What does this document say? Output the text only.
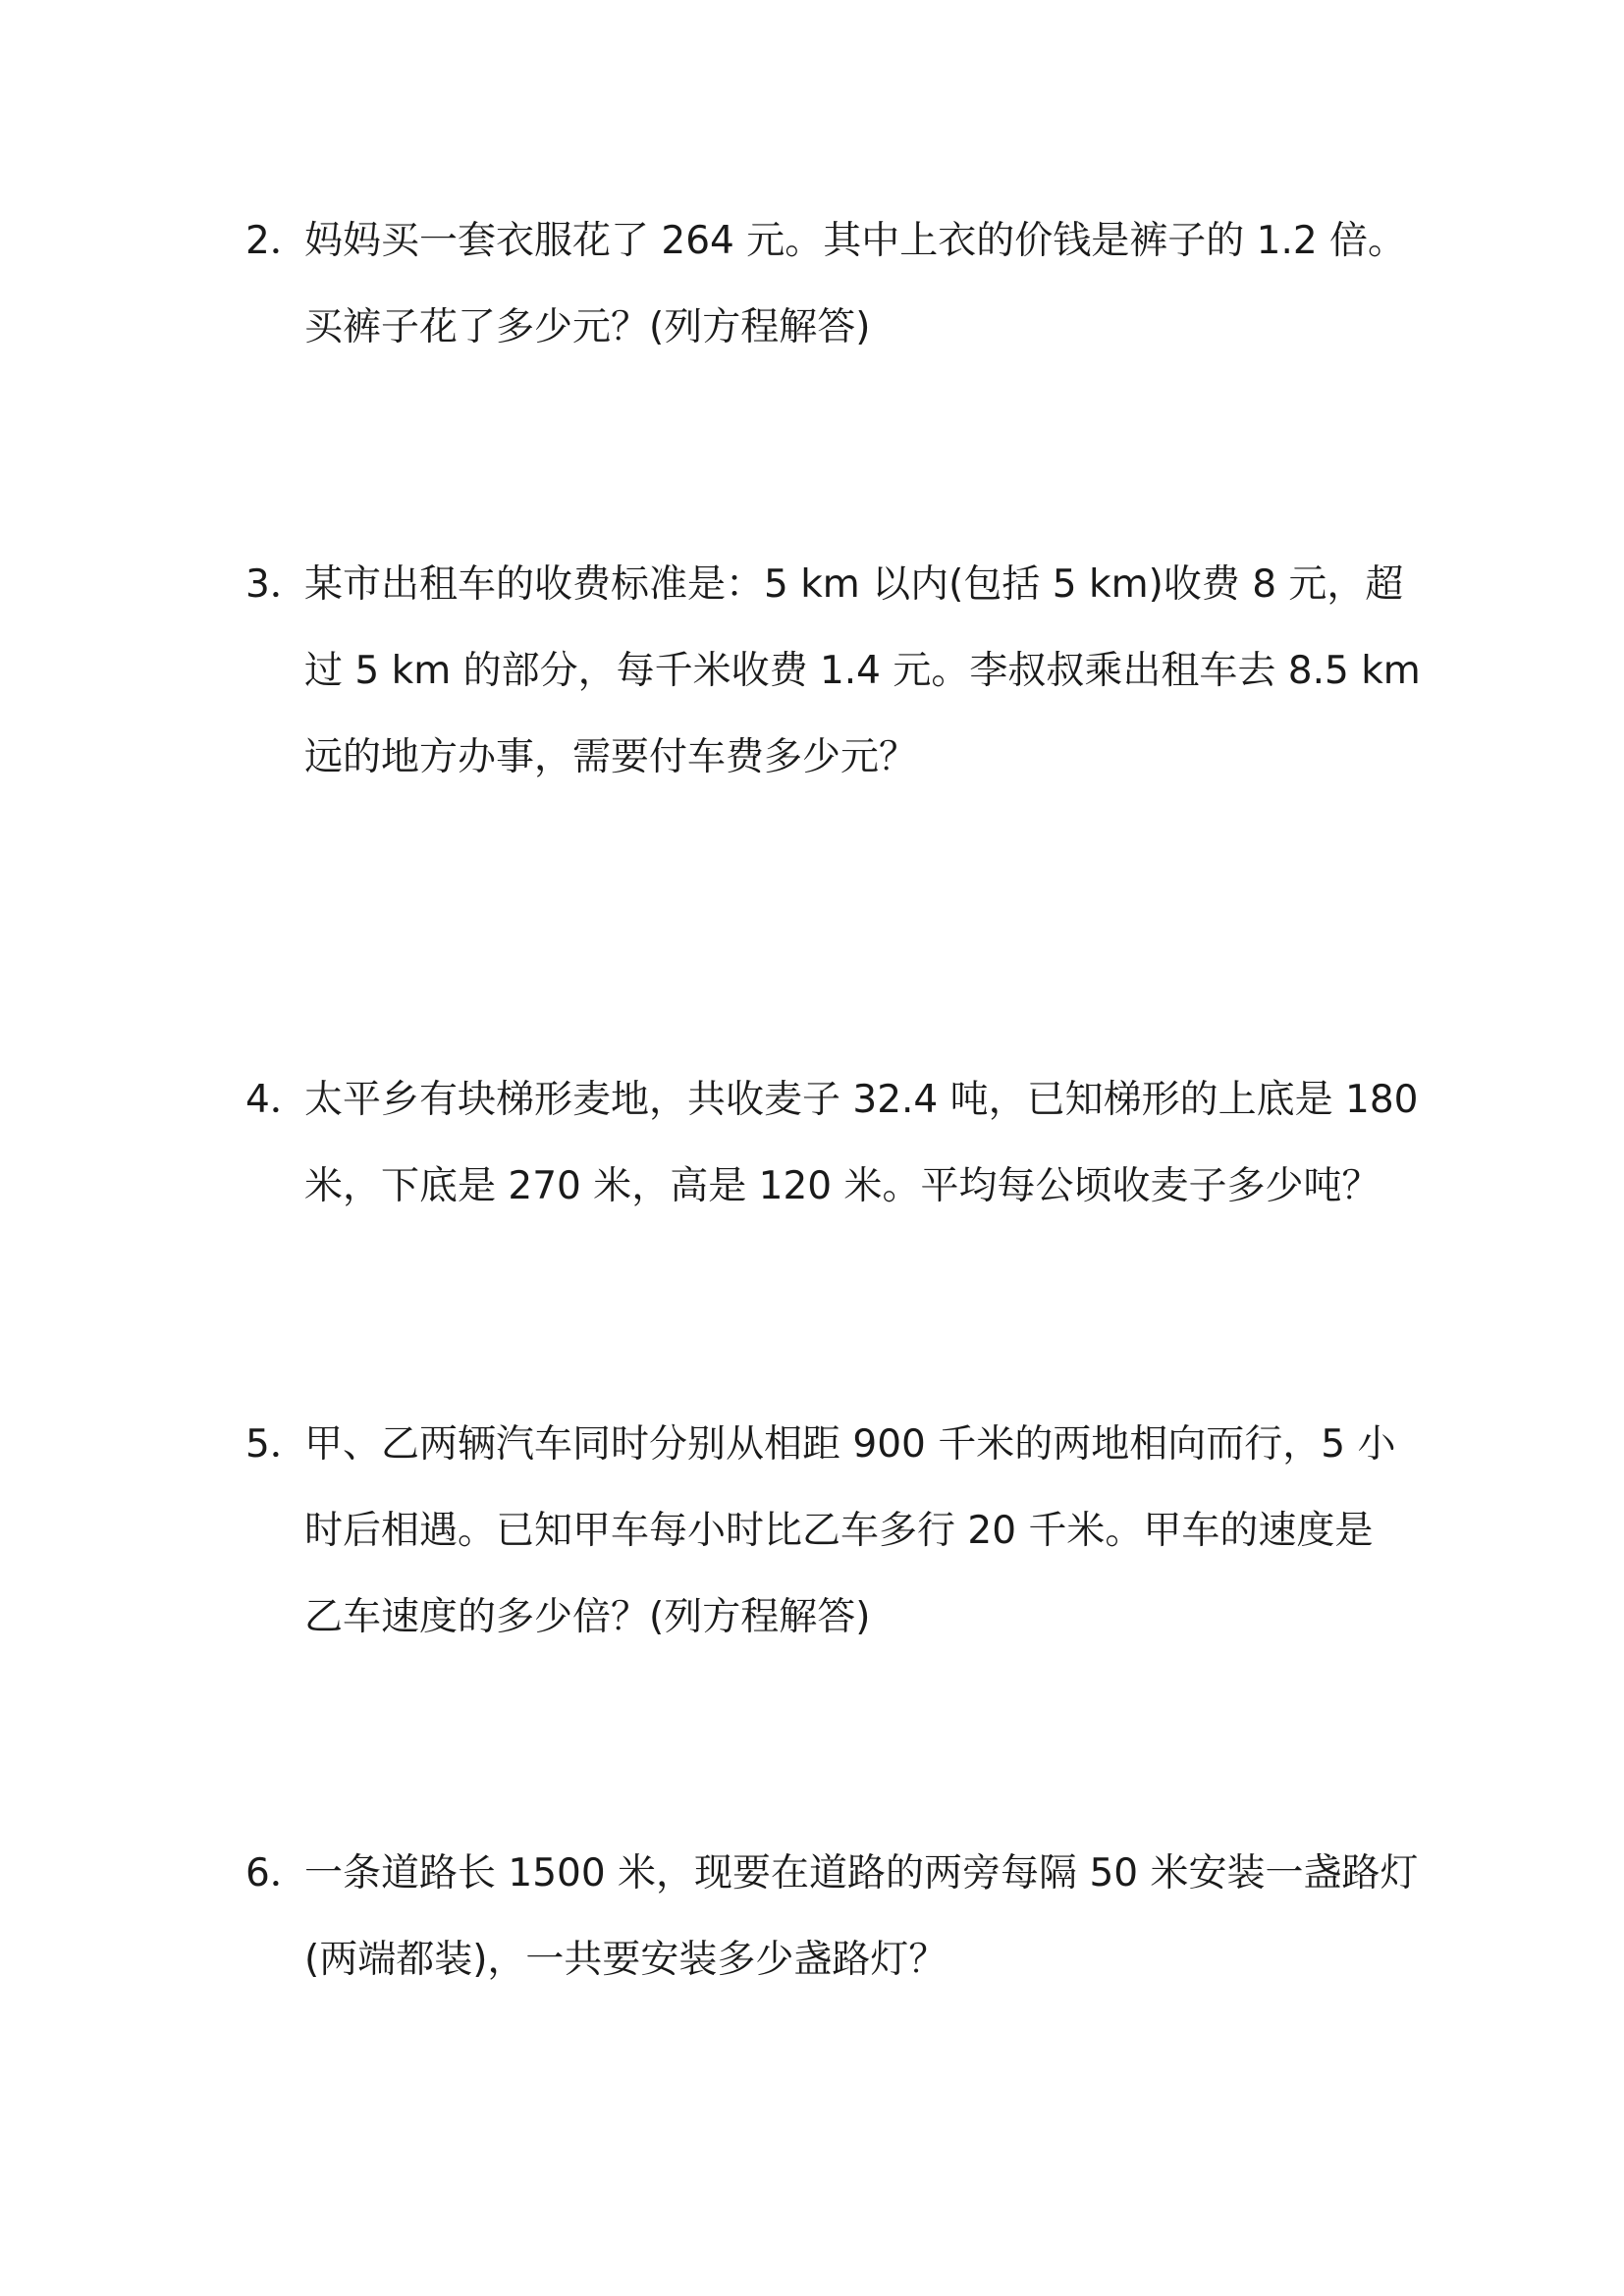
2．妈妈买一套衣服花了 264 元。其中上衣的价钱是裤子的 1.2 倍。
买裤子花了多少元？(列方程解答)
3．某市出租车的收费标准是：5 km 以内(包括 5 km)收费 8 元，超
过 5 km 的部分，每千米收费 1.4 元。李叔叔乘出租车去 8.5 km
远的地方办事，需要付车费多少元？
4．太平乡有块梯形麦地，共收麦子 32.4 吨，已知梯形的上底是 180
米，下底是 270 米，高是 120 米。平均每公顷收麦子多少吨？
5．甲、乙两辆汽车同时分别从相距 900 千米的两地相向而行，5 小
时后相遇。已知甲车每小时比乙车多行 20 千米。甲车的速度是
乙车速度的多少倍？(列方程解答)
6．一条道路长 1500 米，现要在道路的两旁每隔 50 米安装一盏路灯
(两端都装)，一共要安装多少盏路灯？
